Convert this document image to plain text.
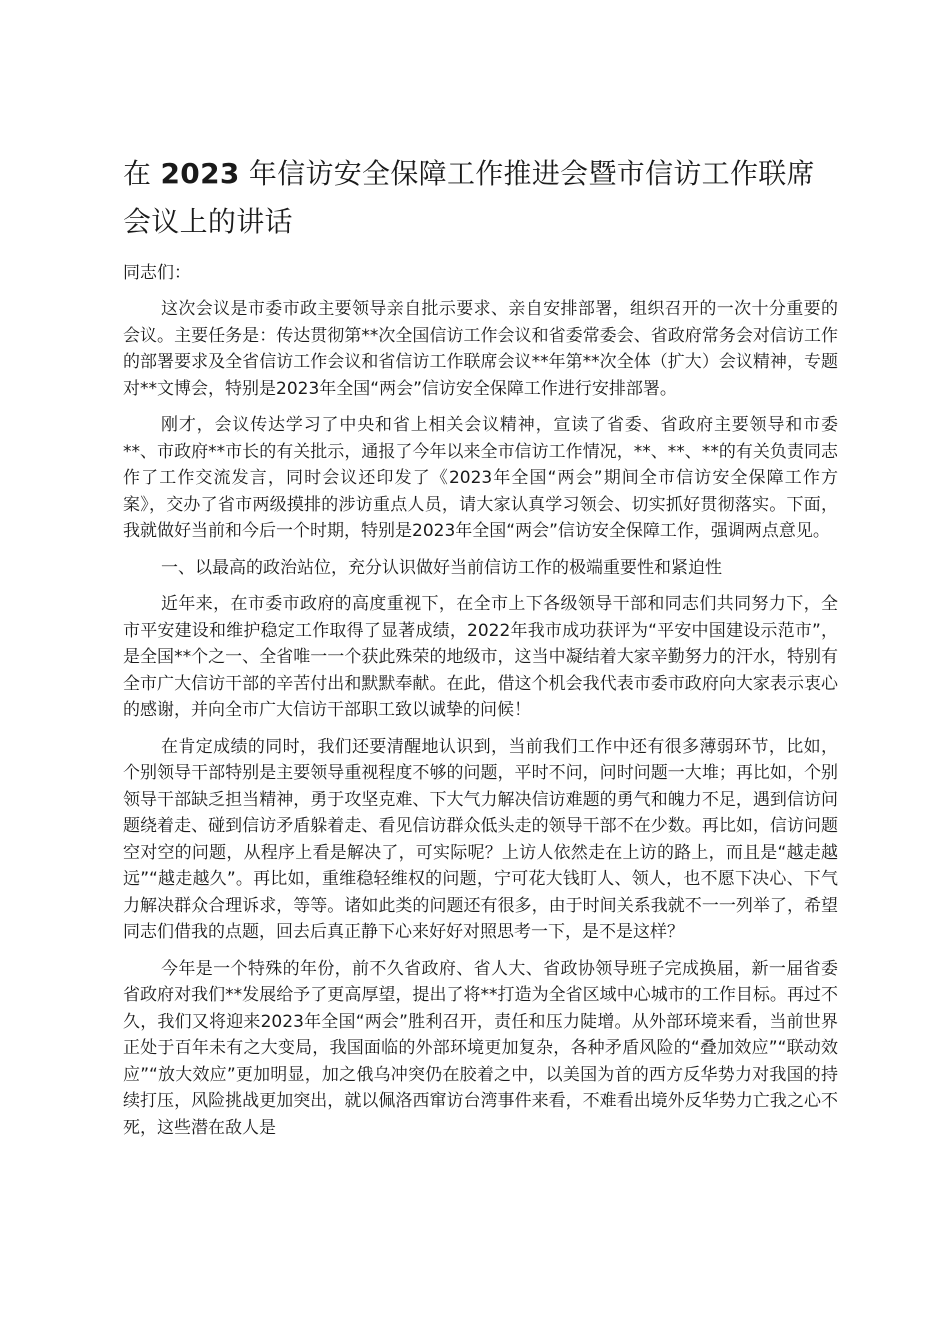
在 2023 年信访安全保障工作推进会暨市信访工作联席会议上的讲话

同志们：

这次会议是市委市政主要领导亲自批示要求、亲自安排部署，组织召开的一次十分重要的会议。主要任务是：传达贯彻第**次全国信访工作会议和省委常委会、省政府常务会对信访工作的部署要求及全省信访工作会议和省信访工作联席会议**年第**次全体（扩大）会议精神，专题对**文博会，特别是2023年全国“两会”信访安全保障工作进行安排部署。

刚才，会议传达学习了中央和省上相关会议精神，宣读了省委、省政府主要领导和市委**、市政府**市长的有关批示，通报了今年以来全市信访工作情况，**、**、**的有关负责同志作了工作交流发言，同时会议还印发了《2023年全国“两会”期间全市信访安全保障工作方案》，交办了省市两级摸排的涉访重点人员，请大家认真学习领会、切实抓好贯彻落实。下面，我就做好当前和今后一个时期，特别是2023年全国“两会”信访安全保障工作，强调两点意见。

一、以最高的政治站位，充分认识做好当前信访工作的极端重要性和紧迫性

近年来，在市委市政府的高度重视下，在全市上下各级领导干部和同志们共同努力下，全市平安建设和维护稳定工作取得了显著成绩，2022年我市成功获评为“平安中国建设示范市”，是全国**个之一、全省唯一一个获此殊荣的地级市，这当中凝结着大家辛勤努力的汗水，特别有全市广大信访干部的辛苦付出和默默奉献。在此，借这个机会我代表市委市政府向大家表示衷心的感谢，并向全市广大信访干部职工致以诚挚的问候！

在肯定成绩的同时，我们还要清醒地认识到，当前我们工作中还有很多薄弱环节，比如，个别领导干部特别是主要领导重视程度不够的问题，平时不问，问时问题一大堆；再比如，个别领导干部缺乏担当精神，勇于攻坚克难、下大气力解决信访难题的勇气和魄力不足，遇到信访问题绕着走、碰到信访矛盾躲着走、看见信访群众低头走的领导干部不在少数。再比如，信访问题空对空的问题，从程序上看是解决了，可实际呢？上访人依然走在上访的路上，而且是“越走越远”“越走越久”。再比如，重维稳轻维权的问题，宁可花大钱盯人、领人，也不愿下决心、下气力解决群众合理诉求，等等。诸如此类的问题还有很多，由于时间关系我就不一一列举了，希望同志们借我的点题，回去后真正静下心来好好对照思考一下，是不是这样？

今年是一个特殊的年份，前不久省政府、省人大、省政协领导班子完成换届，新一届省委省政府对我们**发展给予了更高厚望，提出了将**打造为全省区域中心城市的工作目标。再过不久，我们又将迎来2023年全国“两会”胜利召开，责任和压力陡增。从外部环境来看，当前世界正处于百年未有之大变局，我国面临的外部环境更加复杂，各种矛盾风险的“叠加效应”“联动效应”“放大效应”更加明显，加之俄乌冲突仍在胶着之中，以美国为首的西方反华势力对我国的持续打压，风险挑战更加突出，就以佩洛西窜访台湾事件来看，不难看出境外反华势力亡我之心不死，这些潜在敌人是
